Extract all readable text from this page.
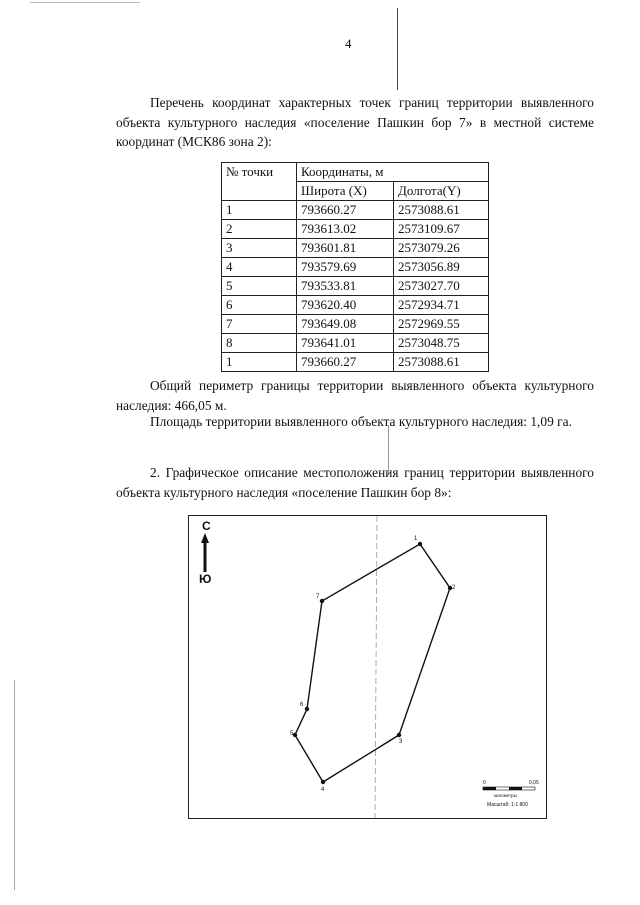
4

Перечень координат характерных точек границ территории выявленного объекта культурного наследия «поселение Пашкин бор 7» в местной системе координат (МСК86 зона 2):

№ точки	Координаты, м	
	Широта (X)	Долгота(Y)
1	793660.27	2573088.61
2	793613.02	2573109.67
3	793601.81	2573079.26
4	793579.69	2573056.89
5	793533.81	2573027.70
6	793620.40	2572934.71
7	793649.08	2572969.55
8	793641.01	2573048.75
1	793660.27	2573088.61

Общий периметр границы территории выявленного объекта культурного наследия: 466,05 м.

Площадь территории выявленного объекта культурного наследия: 1,09 га.

2. Графическое описание местоположения границ территории выявленного объекта культурного наследия «поселение Пашкин бор 8»:

С
Ю
1
2
3
4
5
6
7
0	0,05
километры
Масштаб: 1:1 800
